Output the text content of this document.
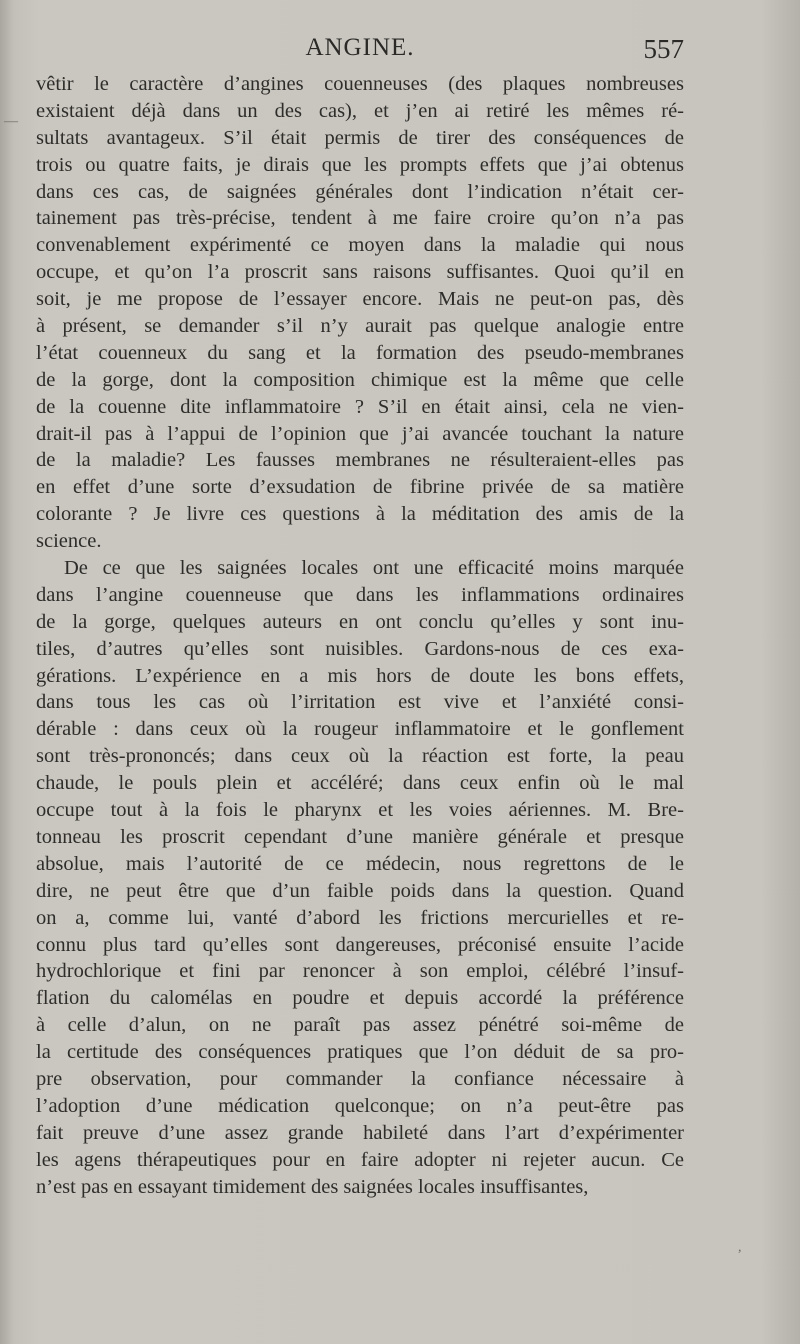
ANGINE.	557
vêtir le caractère d’angines couenneuses (des plaques nombreuses
existaient déjà dans un des cas), et j’en ai retiré les mêmes ré-
sultats avantageux. S’il était permis de tirer des conséquences de
trois ou quatre faits, je dirais que les prompts effets que j’ai obtenus
dans ces cas, de saignées générales dont l’indication n’était cer-
tainement pas très-précise, tendent à me faire croire qu’on n’a pas
convenablement expérimenté ce moyen dans la maladie qui nous
occupe, et qu’on l’a proscrit sans raisons suffisantes. Quoi qu’il en
soit, je me propose de l’essayer encore. Mais ne peut-on pas, dès
à présent, se demander s’il n’y aurait pas quelque analogie entre
l’état couenneux du sang et la formation des pseudo-membranes
de la gorge, dont la composition chimique est la même que celle
de la couenne dite inflammatoire ? S’il en était ainsi, cela ne vien-
drait-il pas à l’appui de l’opinion que j’ai avancée touchant la nature
de la maladie? Les fausses membranes ne résulteraient-elles pas
en effet d’une sorte d’exsudation de fibrine privée de sa matière
colorante ? Je livre ces questions à la méditation des amis de la
science.
De ce que les saignées locales ont une efficacité moins marquée
dans l’angine couenneuse que dans les inflammations ordinaires
de la gorge, quelques auteurs en ont conclu qu’elles y sont inu-
tiles, d’autres qu’elles sont nuisibles. Gardons-nous de ces exa-
gérations. L’expérience en a mis hors de doute les bons effets,
dans tous les cas où l’irritation est vive et l’anxiété consi-
dérable : dans ceux où la rougeur inflammatoire et le gonflement
sont très-prononcés; dans ceux où la réaction est forte, la peau
chaude, le pouls plein et accéléré; dans ceux enfin où le mal
occupe tout à la fois le pharynx et les voies aériennes. M. Bre-
tonneau les proscrit cependant d’une manière générale et presque
absolue, mais l’autorité de ce médecin, nous regrettons de le
dire, ne peut être que d’un faible poids dans la question. Quand
on a, comme lui, vanté d’abord les frictions mercurielles et re-
connu plus tard qu’elles sont dangereuses, préconisé ensuite l’acide
hydrochlorique et fini par renoncer à son emploi, célébré l’insuf-
flation du calomélas en poudre et depuis accordé la préférence
à celle d’alun, on ne paraît pas assez pénétré soi-même de
la certitude des conséquences pratiques que l’on déduit de sa pro-
pre observation, pour commander la confiance nécessaire à
l’adoption d’une médication quelconque; on n’a peut-être pas
fait preuve d’une assez grande habileté dans l’art d’expérimenter
les agens thérapeutiques pour en faire adopter ni rejeter aucun. Ce
n’est pas en essayant timidement des saignées locales insuffisantes,
—
,
